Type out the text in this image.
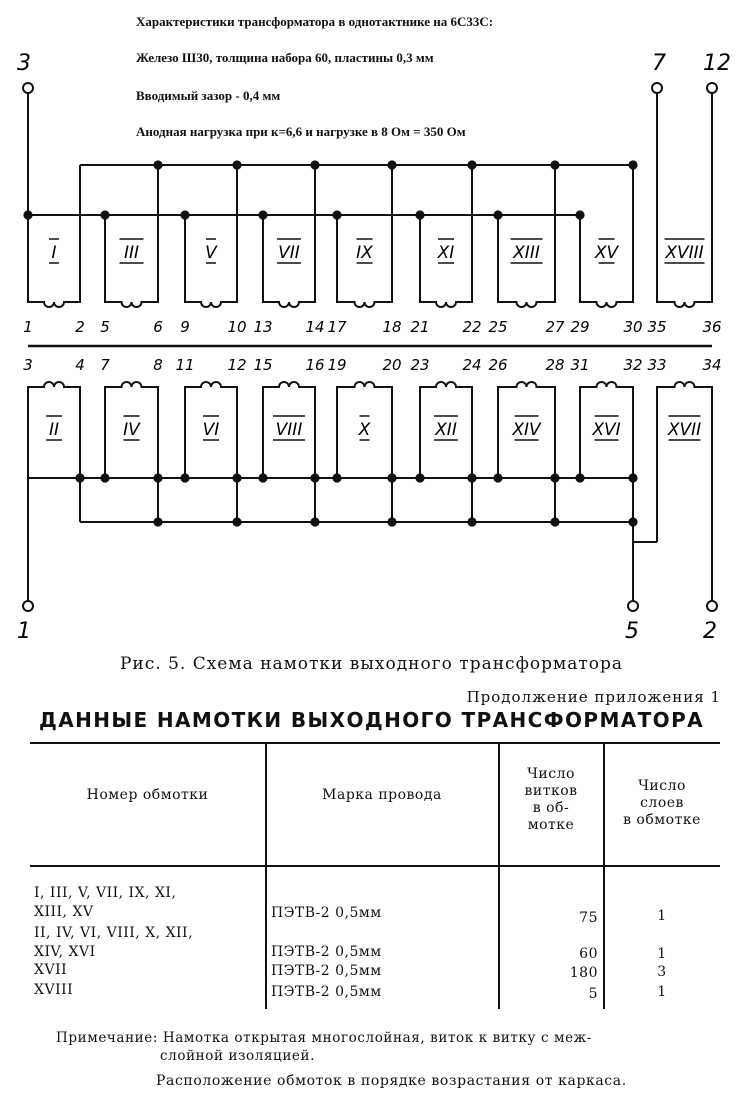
Характеристики трансформатора в однотактнике на 6С33С:
Железо Ш30, толщина набора 60, пластины 0,3 мм
Вводимый зазор - 0,4 мм
Анодная нагрузка при к=6,6 и нагрузке в 8 Ом = 350 Ом
I
1	2
III
5	6
V
9	10
VII
13 14
IX
17 18
XI
21 22
XIII
25	27
XV
29 30
XVIII
35 36
II
3	4
IV
7	8
VI
11 12
VIII
15 16
X
19 20
XII
23 24
XIV
26	28
XVI
31 32
XVII
33 34
3	7 12
1	5	2
Рис. 5. Схема намотки выходного трансформатора
Продолжение приложения 1
ДАННЫЕ НАМОТКИ ВЫХОДНОГО ТРАНСФОРМАТОРА
Номер обмотки	Марка провода
Число
витков
в об-
мотке
Число
слоев
в обмотке
I, III, V, VII, IX, XI,
XIII, XV	ПЭТВ-2 0,5мм	75	1
II, IV, VI, VIII, X, XII,
XIV, XVI	ПЭТВ-2 0,5мм	60	1
XVII	ПЭТВ-2 0,5мм	180	3
XVIII	ПЭТВ-2 0,5мм	5	1
Примечание: Намотка открытая многослойная, виток к витку с меж-
слойной изоляцией.
Расположение обмоток в порядке возрастания от каркаса.
